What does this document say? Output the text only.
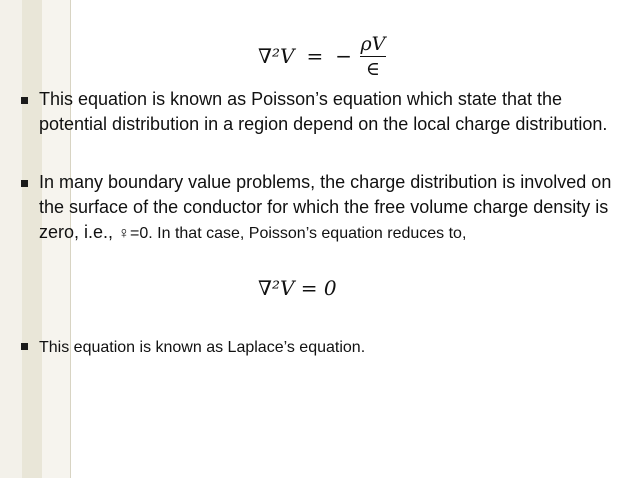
∇²V = − $\frac{\rho V}{\in}$
This equation is known as Poisson’s equation which state that the potential distribution in a region depend on the local charge distribution.
In many boundary value problems, the charge distribution is involved on the surface of the conductor for which the free volume charge density is zero, i.e., ♀=0. In that case, Poisson’s equation reduces to,
∇²V = 0
This equation is known as Laplace’s equation.
